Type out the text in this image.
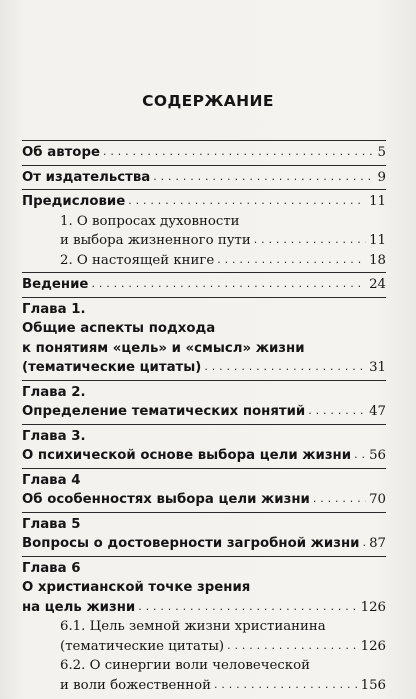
СОДЕРЖАНИЕ
Об авторе . . .	5
От издательства . . .	9
Предисловие . . .	11
1. О вопросах духовности
и выбора жизненного пути . . .	11
2. О настоящей книге . . .	18
Ведение . . .	24
Глава 1.
Общие аспекты подхода
к понятиям «цель» и «смысл» жизни
(тематические цитаты) . . .	31
Глава 2.
Определение тематических понятий . . .	47
Глава 3.
О психической основе выбора цели жизни . . . 56
Глава 4
Об особенностях выбора цели жизни . . .	70
Глава 5
Вопросы о достоверности загробной жизни . . . 87
Глава 6
О христианской точке зрения
на цель жизни . . .	126
6.1. Цель земной жизни христианина
(тематические цитаты) . . .	126
6.2. О синергии воли человеческой
и воли божественной . . .	156
